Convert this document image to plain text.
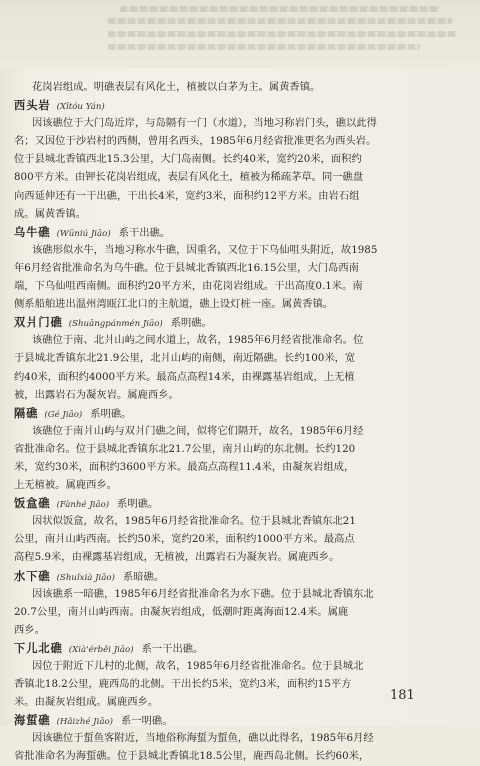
花岗岩组成。明礁表层有风化土，植被以白茅为主。属黄香镇。
西头岩 (Xītóu Yán)
因该礁位于大门岛近岸，与岛隔有一门（水道），当地习称岩门头，礁以此得
名；又因位于沙岩村的西侧，曾用名西头，1985年6月经省批准更名为西头岩。
位于县城北香镇西北15.3公里，大门岛南侧。长约40米，宽约20米，面积约
800平方米。由钾长花岗岩组成，表层有风化土，植被为稀疏茅草。同一礁盘
向西延伸还有一干出礁，干出长4米，宽约3米，面积约12平方米。由岩石组
成。属黄香镇。
乌牛礁 (Wūniú Jiāo) 系干出礁。
该礁形似水牛，当地习称水牛礁，因重名，又位于下乌仙咀头附近，故1985
年6月经省批准命名为乌牛礁。位于县城北香镇西北16.15公里，大门岛西南
端，下乌仙咀西南侧。面积约20平方米，由花岗岩组成。干出高度0.1米。南
侧系船舶进出温州湾瓯江北口的主航道，礁上设灯桩一座。属黄香镇。
双爿门礁 (Shuāngpánmén Jiāo) 系明礁。
该礁位于南、北爿山屿之间水道上，故名，1985年6月经省批准命名。位
于县城北香镇东北21.9公里，北爿山屿的南侧，南近隔礁。长约100米，宽
约40米，面积约4000平方米。最高点高程14米，由裸露基岩组成，上无植
被，出露岩石为凝灰岩。属鹿西乡。
隔礁 (Gé Jiāo) 系明礁。
该礁位于南爿山屿与双爿门礁之间，似将它们隔开，故名，1985年6月经
省批准命名。位于县城北香镇东北21.7公里，南爿山屿的东北侧。长约120
米，宽约30米，面积约3600平方米。最高点高程11.4米，由凝灰岩组成，
上无植被。属鹿西乡。
饭盒礁 (Fànhé Jiāo) 系明礁。
因状似饭盒，故名，1985年6月经省批准命名。位于县城北香镇东北21
公里，南爿山屿西南。长约50米，宽约20米，面积约1000平方米。最高点
高程5.9米，由裸露基岩组成，无植被，出露岩石为凝灰岩。属鹿西乡。
水下礁 (Shuǐxià Jiāo) 系暗礁。
因该礁系一暗礁，1985年6月经省批准命名为水下礁。位于县城北香镇东北
20.7公里，南爿山屿西南。由凝灰岩组成，低潮时距离海面12.4米。属鹿
西乡。
下儿北礁 (Xià'érběi Jiāo) 系一干出礁。
因位于附近下儿村的北侧，故名，1985年6月经省批准命名。位于县城北
香镇北18.2公里，鹿西岛的北侧。干出长约5米，宽约3米，面积约15平方
米。由凝灰岩组成。属鹿西乡。
海蜇礁 (Hǎizhé Jiāo) 系一明礁。
因该礁位于蜇鱼客附近，当地俗称海蜇为蜇鱼，礁以此得名，1985年6月经
省批准命名为海蜇礁。位于县城北香镇北18.5公里，鹿西岛北侧。长约60米，
181
